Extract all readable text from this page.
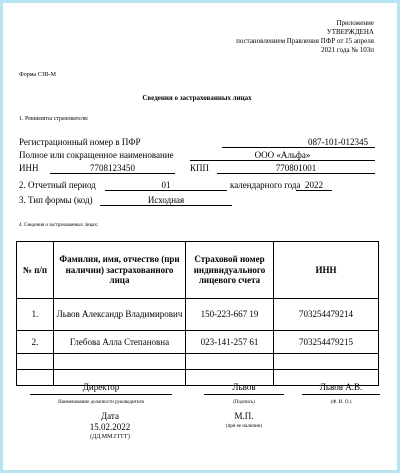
Приложение
УТВЕРЖДЕНА
постановлением Правления ПФР от 15 апреля
2021 года № 103п
Форма СЗВ-М
Сведения о застрахованных лицах
1. Реквизиты страхователя:
Регистрационный номер в ПФР	087-101-012345
Полное или сокращенное наименование	ООО «Альфа»
ИНН	7708123450	КПП	770801001
2. Отчетный период	01	календарного года 2022
3. Тип формы (код)	Исходная
4. Сведения о застрахованных лицах:
№ п/п	Фамилия, имя, отчество (при наличии) застрахованного лица	Страховой номер индивидуального лицевого счета	ИНН
1.	Львов Александр Владимирович	150-223-667 19	703254479214
2.	Глебова Алла Степановна	023-141-257 61	703254479215

Директор
Наименование должности руководителя
Львов
(Подпись)
Львов А.В.
(Ф. И. О.)
Дата
15.02.2022
(ДД.ММ.ГГГГ)
М.П.
(при ее наличии)
